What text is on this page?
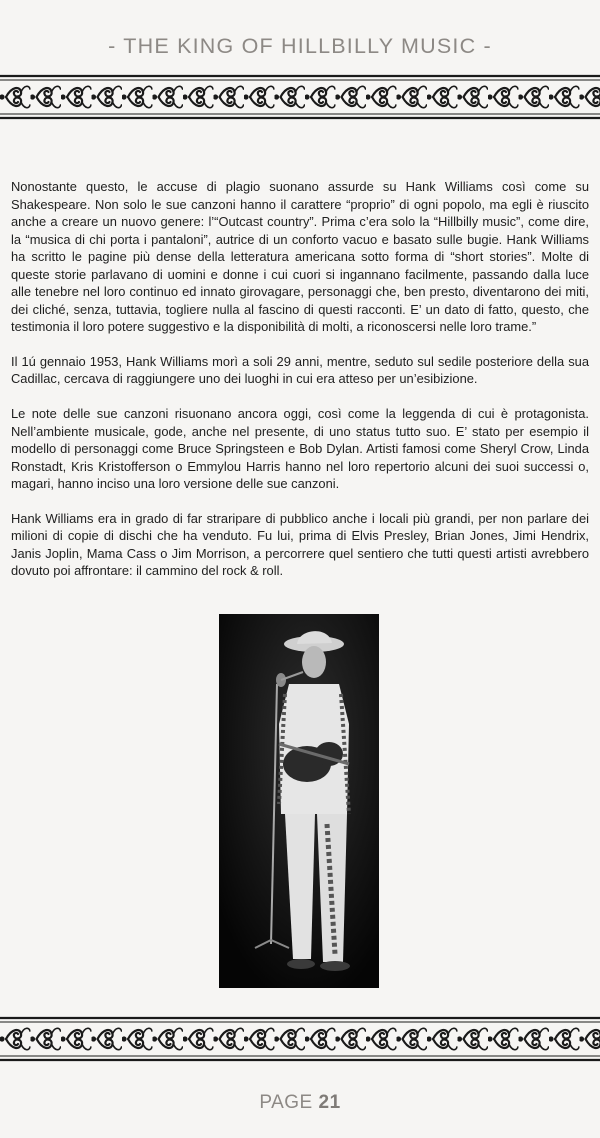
- THE KING OF HILLBILLY MUSIC -

Nonostante questo, le accuse di plagio suonano assurde su Hank Williams così come su Shakespeare. Non solo le sue canzoni hanno il carattere “proprio” di ogni popolo, ma egli è riuscito anche a creare un nuovo genere: l’“Outcast country”. Prima c’era solo la “Hillbilly music”, come dire, la “musica di chi porta i pantaloni”, autrice di un conforto vacuo e basato sulle bugie. Hank Williams ha scritto le pagine più dense della letteratura americana sotto forma di “short stories”. Molte di queste storie parlavano di uomini e donne i cui cuori si ingannano facilmente, passando dalla luce alle tenebre nel loro continuo ed innato girovagare, personaggi che, ben presto, diventarono dei miti, dei cliché, senza, tuttavia, togliere nulla al fascino di questi racconti. E’ un dato di fatto, questo, che testimonia il loro potere suggestivo e la disponibilità di molti, a riconoscersi nelle loro trame.”

Il 1ú gennaio 1953, Hank Williams morì a soli 29 anni, mentre, seduto sul sedile posteriore della sua Cadillac, cercava di raggiungere uno dei luoghi in cui era atteso per un’esibizione.

Le note delle sue canzoni risuonano ancora oggi, così come la leggenda di cui è protagonista. Nell’ambiente musicale, gode, anche nel presente, di uno status tutto suo. E’ stato per esempio il modello di personaggi come Bruce Springsteen e Bob Dylan. Artisti famosi come Sheryl Crow, Linda Ronstadt, Kris Kristofferson o Emmylou Harris hanno nel loro repertorio alcuni dei suoi successi o, magari, hanno inciso una loro versione delle sue canzoni.

Hank Williams era in grado di far straripare di pubblico anche i locali più grandi, per non parlare dei milioni di copie di dischi che ha venduto. Fu lui, prima di Elvis Presley, Brian Jones, Jimi Hendrix, Janis Joplin, Mama Cass o Jim Morrison, a percorrere quel sentiero che tutti questi artisti avrebbero dovuto poi affrontare: il cammino del rock & roll.

PAGE 21
